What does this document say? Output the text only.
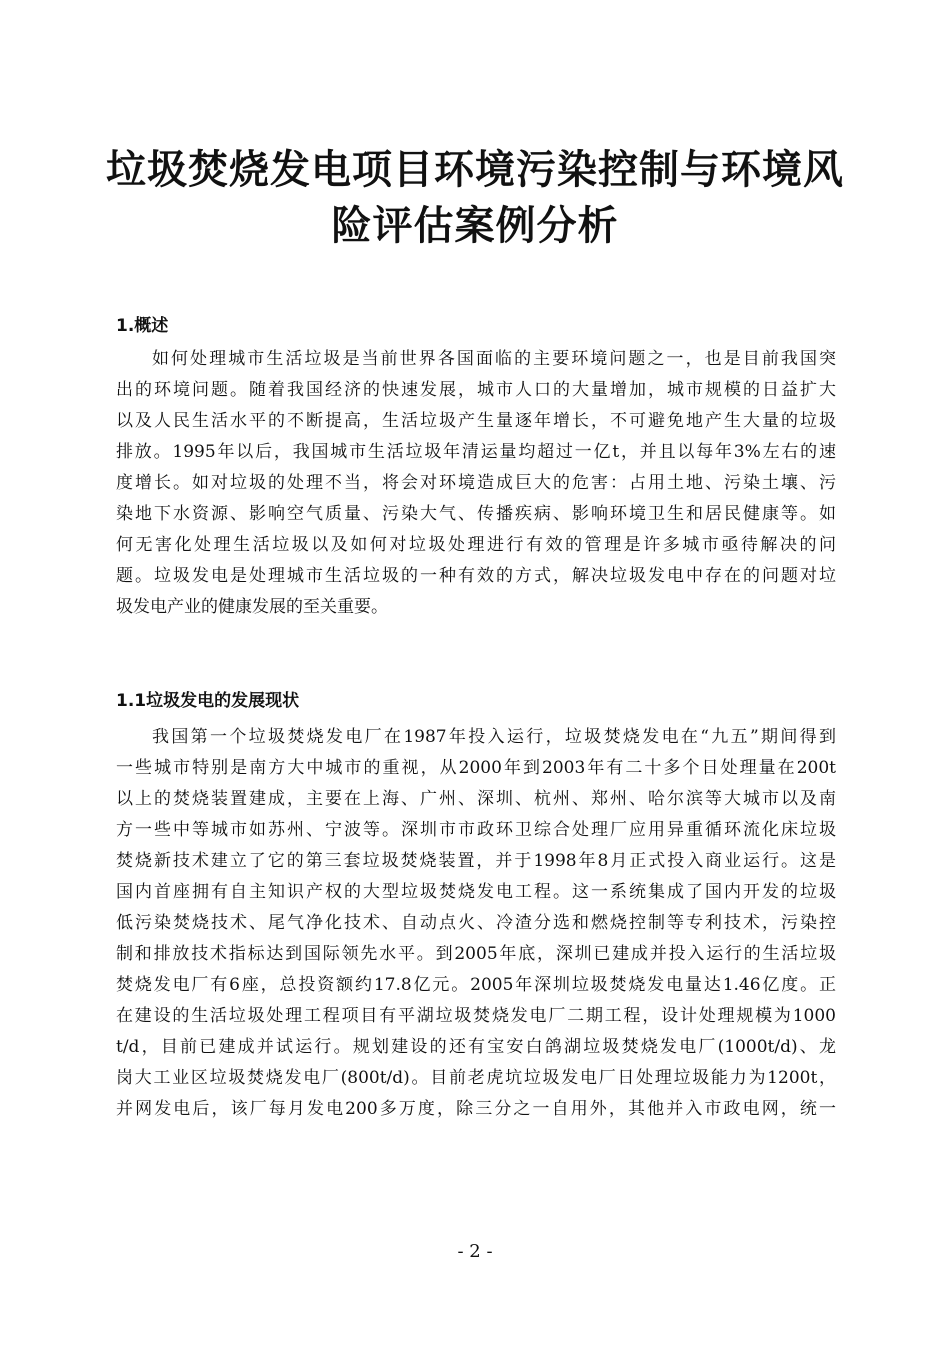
垃圾焚烧发电项目环境污染控制与环境风
险评估案例分析
1.概述

如何处理城市生活垃圾是当前世界各国面临的主要环境问题之一，也是目前我国突
出的环境问题。随着我国经济的快速发展，城市人口的大量增加，城市规模的日益扩大
以及人民生活水平的不断提高，生活垃圾产生量逐年增长，不可避免地产生大量的垃圾
排放。1995年以后，我国城市生活垃圾年清运量均超过一亿t，并且以每年3%左右的速
度增长。如对垃圾的处理不当，将会对环境造成巨大的危害：占用土地、污染土壤、污
染地下水资源、影响空气质量、污染大气、传播疾病、影响环境卫生和居民健康等。如
何无害化处理生活垃圾以及如何对垃圾处理进行有效的管理是许多城市亟待解决的问
题。垃圾发电是处理城市生活垃圾的一种有效的方式，解决垃圾发电中存在的问题对垃
圾发电产业的健康发展的至关重要。

1.1垃圾发电的发展现状

我国第一个垃圾焚烧发电厂在1987年投入运行，垃圾焚烧发电在“九五”期间得到
一些城市特别是南方大中城市的重视，从2000年到2003年有二十多个日处理量在200t
以上的焚烧装置建成，主要在上海、广州、深圳、杭州、郑州、哈尔滨等大城市以及南
方一些中等城市如苏州、宁波等。深圳市市政环卫综合处理厂应用异重循环流化床垃圾
焚烧新技术建立了它的第三套垃圾焚烧装置，并于1998年8月正式投入商业运行。这是
国内首座拥有自主知识产权的大型垃圾焚烧发电工程。这一系统集成了国内开发的垃圾
低污染焚烧技术、尾气净化技术、自动点火、冷渣分选和燃烧控制等专利技术，污染控
制和排放技术指标达到国际领先水平。到2005年底，深圳已建成并投入运行的生活垃圾
焚烧发电厂有6座，总投资额约17.8亿元。2005年深圳垃圾焚烧发电量达1.46亿度。正
在建设的生活垃圾处理工程项目有平湖垃圾焚烧发电厂二期工程，设计处理规模为1000
t/d，目前已建成并试运行。规划建设的还有宝安白鸽湖垃圾焚烧发电厂(1000t/d)、龙
岗大工业区垃圾焚烧发电厂(800t/d)。目前老虎坑垃圾发电厂日处理垃圾能力为1200t，
并网发电后，该厂每月发电200多万度，除三分之一自用外，其他并入市政电网，统一

- 2 -
